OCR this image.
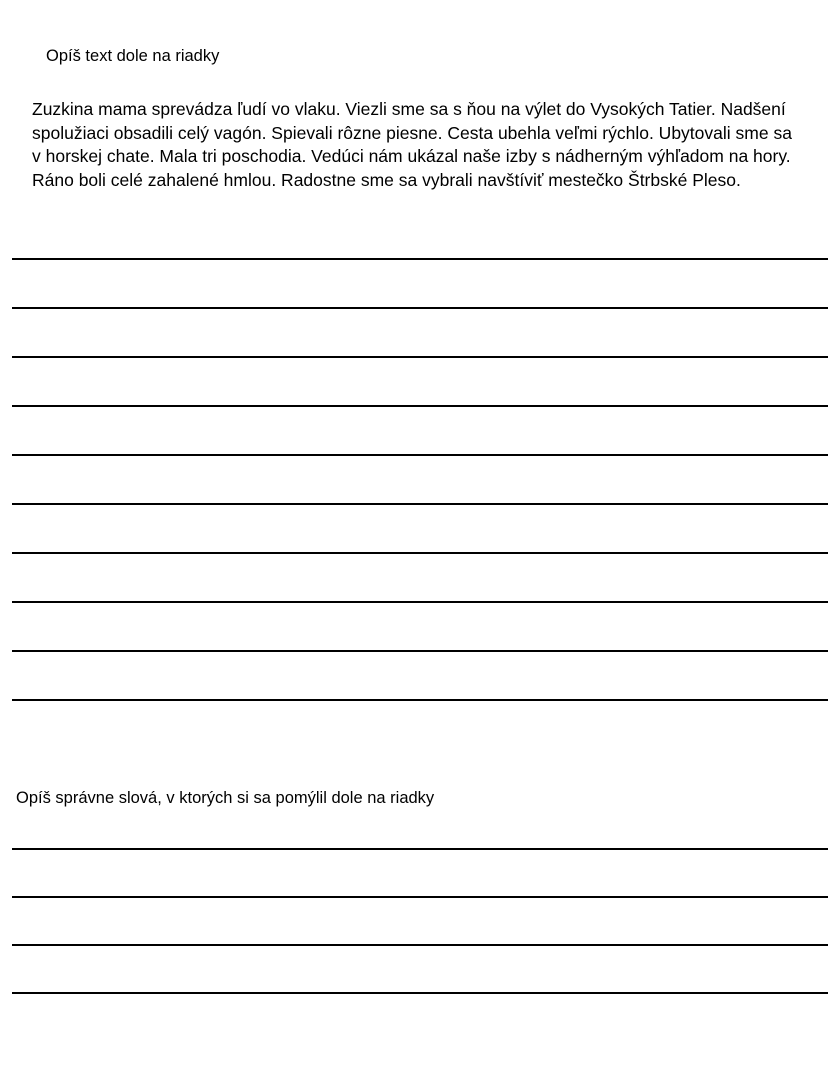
Opíš text dole na riadky
Zuzkina mama sprevádza ľudí vo vlaku. Viezli sme sa s ňou na výlet do Vysokých Tatier. Nadšení spolužiaci obsadili celý vagón. Spievali rôzne piesne. Cesta ubehla veľmi rýchlo. Ubytovali sme sa v horskej chate. Mala tri poschodia. Vedúci nám ukázal naše izby s nádherným výhľadom na hory. Ráno boli celé zahalené hmlou. Radostne sme sa vybrali navštíviť mestečko Štrbské Pleso.
Opíš správne slová, v ktorých si sa pomýlil dole na riadky
